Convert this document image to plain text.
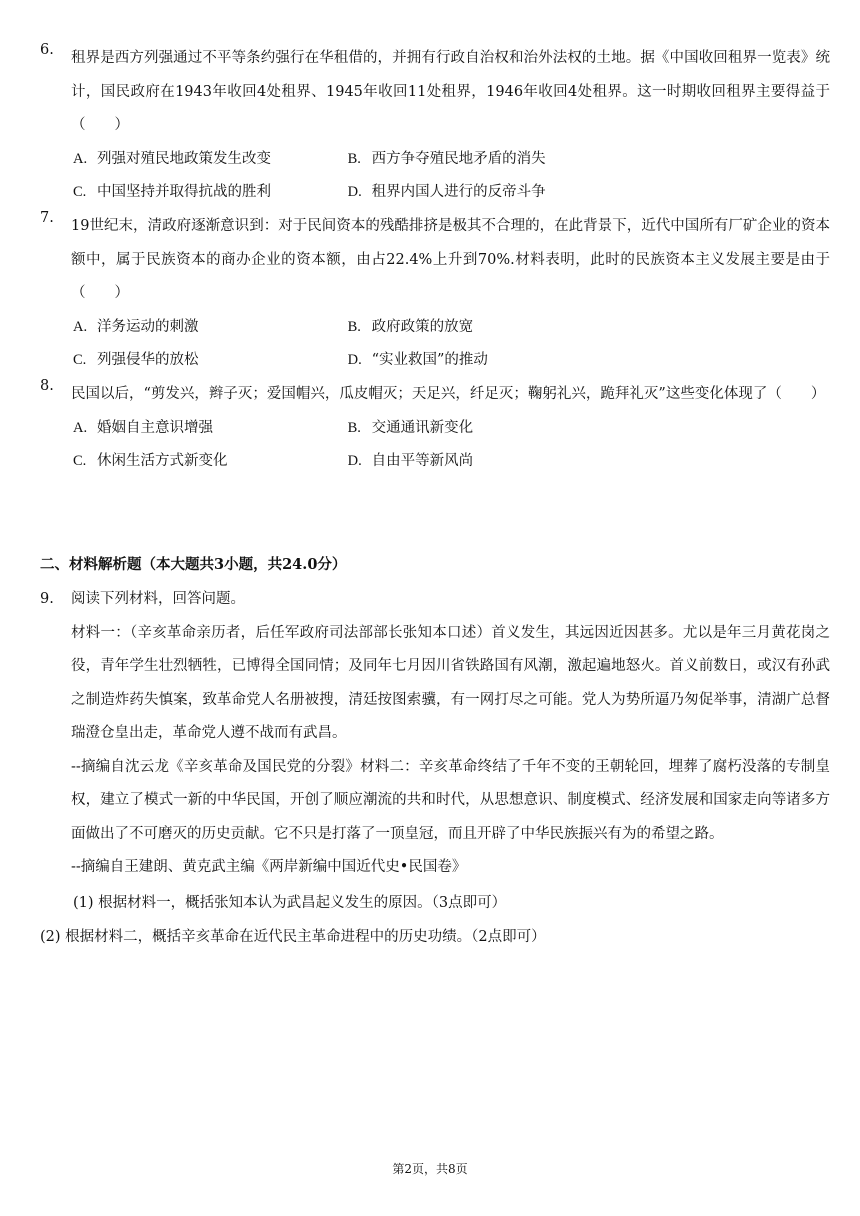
6.	租界是西方列强通过不平等条约强行在华租借的，并拥有行政自治权和治外法权的土地。据《中国收回租界一览表》统计，国民政府在1943年收回4处租界、1945年收回11处租界，1946年收回4处租界。这一时期收回租界主要得益于（　　）
A. 列强对殖民地政策发生改变	B. 西方争夺殖民地矛盾的消失
C. 中国坚持并取得抗战的胜利	D. 租界内国人进行的反帝斗争
7.	19世纪末，清政府逐渐意识到：对于民间资本的残酷排挤是极其不合理的，在此背景下，近代中国所有厂矿企业的资本额中，属于民族资本的商办企业的资本额，由占22.4%上升到70%.材料表明，此时的民族资本主义发展主要是由于（　　）
A. 洋务运动的刺激	B. 政府政策的放宽
C. 列强侵华的放松	D. “实业救国”的推动
8.	民国以后，“剪发兴，辫子灭；爱国帽兴，瓜皮帽灭；天足兴，纤足灭；鞠躬礼兴，跪拜礼灭”这些变化体现了（　　）
A. 婚姻自主意识增强	B. 交通通讯新变化
C. 休闲生活方式新变化	D. 自由平等新风尚
二、材料解析题（本大题共3小题，共24.0分）
9.	阅读下列材料，回答问题。
材料一：（辛亥革命亲历者，后任军政府司法部部长张知本口述）首义发生，其远因近因甚多。尤以是年三月黄花岗之役，青年学生壮烈牺牲，已博得全国同情；及同年七月因川省铁路国有风潮，激起遍地怒火。首义前数日，或汉有孙武之制造炸药失慎案，致革命党人名册被搜，清廷按图索骥，有一网打尽之可能。党人为势所逼乃匆促举事，清湖广总督瑞澄仓皇出走，革命党人遵不战而有武昌。
--摘编自沈云龙《辛亥革命及国民党的分裂》材料二：辛亥革命终结了千年不变的王朝轮回，埋葬了腐朽没落的专制皇权，建立了模式一新的中华民国，开创了顺应潮流的共和时代，从思想意识、制度模式、经济发展和国家走向等诸多方面做出了不可磨灭的历史贡献。它不只是打落了一顶皇冠，而且开辟了中华民族振兴有为的希望之路。
--摘编自王建朗、黄克武主编《两岸新编中国近代史•民国卷》
(1) 根据材料一，概括张知本认为武昌起义发生的原因。（3点即可）
(2) 根据材料二，概括辛亥革命在近代民主革命进程中的历史功绩。（2点即可）
第2页，共8页
